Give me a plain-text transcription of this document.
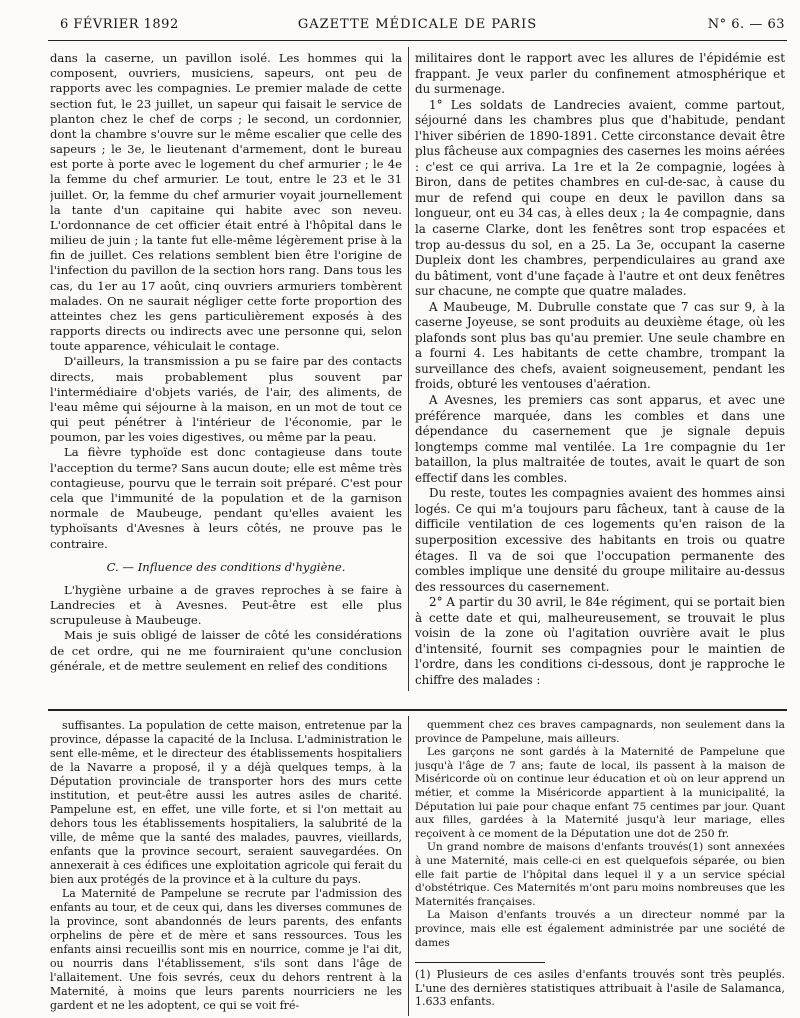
6 FÉVRIER 1892	GAZETTE MÉDICALE DE PARIS	N° 6. — 63

dans la caserne, un pavillon isolé. Les hommes qui la composent, ouvriers, musiciens, sapeurs, ont peu de rapports avec les compagnies. Le premier malade de cette section fut, le 23 juillet, un sapeur qui faisait le service de planton chez le chef de corps ; le second, un cordonnier, dont la chambre s'ouvre sur le même escalier que celle des sapeurs ; le 3e, le lieutenant d'armement, dont le bureau est porte à porte avec le logement du chef armurier ; le 4e la femme du chef armurier. Le tout, entre le 23 et le 31 juillet. Or, la femme du chef armurier voyait journellement la tante d'un capitaine qui habite avec son neveu. L'ordonnance de cet officier était entré à l'hôpital dans le milieu de juin ; la tante fut elle-même légèrement prise à la fin de juillet. Ces relations semblent bien être l'origine de l'infection du pavillon de la section hors rang. Dans tous les cas, du 1er au 17 août, cinq ouvriers armuriers tombèrent malades. On ne saurait négliger cette forte proportion des atteintes chez les gens particulièrement exposés à des rapports directs ou indirects avec une personne qui, selon toute apparence, véhiculait le contage.

D'ailleurs, la transmission a pu se faire par des contacts directs, mais probablement plus souvent par l'intermédiaire d'objets variés, de l'air, des aliments, de l'eau même qui séjourne à la maison, en un mot de tout ce qui peut pénétrer à l'intérieur de l'économie, par le poumon, par les voies digestives, ou même par la peau.

La fièvre typhoïde est donc contagieuse dans toute l'acception du terme? Sans aucun doute; elle est même très contagieuse, pourvu que le terrain soit préparé. C'est pour cela que l'immunité de la population et de la garnison normale de Maubeuge, pendant qu'elles avaient les typhoïsants d'Avesnes à leurs côtés, ne prouve pas le contraire.

C. — Influence des conditions d'hygiène.

L'hygiène urbaine a de graves reproches à se faire à Landrecies et à Avesnes. Peut-être est elle plus scrupuleuse à Maubeuge.

Mais je suis obligé de laisser de côté les considérations de cet ordre, qui ne me fourniraient qu'une conclusion générale, et de mettre seulement en relief des conditions

militaires dont le rapport avec les allures de l'épidémie est frappant. Je veux parler du confinement atmosphérique et du surmenage.

1° Les soldats de Landrecies avaient, comme partout, séjourné dans les chambres plus que d'habitude, pendant l'hiver sibérien de 1890-1891. Cette circonstance devait être plus fâcheuse aux compagnies des casernes les moins aérées : c'est ce qui arriva. La 1re et la 2e compagnie, logées à Biron, dans de petites chambres en cul-de-sac, à cause du mur de refend qui coupe en deux le pavillon dans sa longueur, ont eu 34 cas, à elles deux ; la 4e compagnie, dans la caserne Clarke, dont les fenêtres sont trop espacées et trop au-dessus du sol, en a 25. La 3e, occupant la caserne Dupleix dont les chambres, perpendiculaires au grand axe du bâtiment, vont d'une façade à l'autre et ont deux fenêtres sur chacune, ne compte que quatre malades.

A Maubeuge, M. Dubrulle constate que 7 cas sur 9, à la caserne Joyeuse, se sont produits au deuxième étage, où les plafonds sont plus bas qu'au premier. Une seule chambre en a fourni 4. Les habitants de cette chambre, trompant la surveillance des chefs, avaient soigneusement, pendant les froids, obturé les ventouses d'aération.

A Avesnes, les premiers cas sont apparus, et avec une préférence marquée, dans les combles et dans une dépendance du casernement que je signale depuis longtemps comme mal ventilée. La 1re compagnie du 1er bataillon, la plus maltraitée de toutes, avait le quart de son effectif dans les combles.

Du reste, toutes les compagnies avaient des hommes ainsi logés. Ce qui m'a toujours paru fâcheux, tant à cause de la difficile ventilation de ces logements qu'en raison de la superposition excessive des habitants en trois ou quatre étages. Il va de soi que l'occupation permanente des combles implique une densité du groupe militaire au-dessus des ressources du casernement.

2° A partir du 30 avril, le 84e régiment, qui se portait bien à cette date et qui, malheureusement, se trouvait le plus voisin de la zone où l'agitation ouvrière avait le plus d'intensité, fournit ses compagnies pour le maintien de l'ordre, dans les conditions ci-dessous, dont je rapproche le chiffre des malades :

suffisantes. La population de cette maison, entretenue par la province, dépasse la capacité de la Inclusa. L'administration le sent elle-même, et le directeur des établissements hospitaliers de la Navarre a proposé, il y a déjà quelques temps, à la Députation provinciale de transporter hors des murs cette institution, et peut-être aussi les autres asiles de charité. Pampelune est, en effet, une ville forte, et si l'on mettait au dehors tous les établissements hospitaliers, la salubrité de la ville, de même que la santé des malades, pauvres, vieillards, enfants que la province secourt, seraient sauvegardées. On annexerait à ces édifices une exploitation agricole qui ferait du bien aux protégés de la province et à la culture du pays.

La Maternité de Pampelune se recrute par l'admission des enfants au tour, et de ceux qui, dans les diverses communes de la province, sont abandonnés de leurs parents, des enfants orphelins de père et de mère et sans ressources. Tous les enfants ainsi recueillis sont mis en nourrice, comme je l'ai dit, ou nourris dans l'établissement, s'ils sont dans l'âge de l'allaitement. Une fois sevrés, ceux du dehors rentrent à la Maternité, à moins que leurs parents nourriciers ne les gardent et ne les adoptent, ce qui se voit fré-

quemment chez ces braves campagnards, non seulement dans la province de Pampelune, mais ailleurs.

Les garçons ne sont gardés à la Maternité de Pampelune que jusqu'à l'âge de 7 ans; faute de local, ils passent à la maison de Miséricorde où on continue leur éducation et où on leur apprend un métier, et comme la Miséricorde appartient à la municipalité, la Députation lui paie pour chaque enfant 75 centimes par jour. Quant aux filles, gardées à la Maternité jusqu'à leur mariage, elles reçoivent à ce moment de la Députation une dot de 250 fr.

Un grand nombre de maisons d'enfants trouvés(1) sont annexées à une Maternité, mais celle-ci en est quelquefois séparée, ou bien elle fait partie de l'hôpital dans lequel il y a un service spécial d'obstétrique. Ces Maternités m'ont paru moins nombreuses que les Maternités françaises.

La Maison d'enfants trouvés a un directeur nommé par la province, mais elle est également administrée par une société de dames

(1) Plusieurs de ces asiles d'enfants trouvés sont très peuplés. L'une des dernières statistiques attribuait à l'asile de Salamanca, 1.633 enfants.
